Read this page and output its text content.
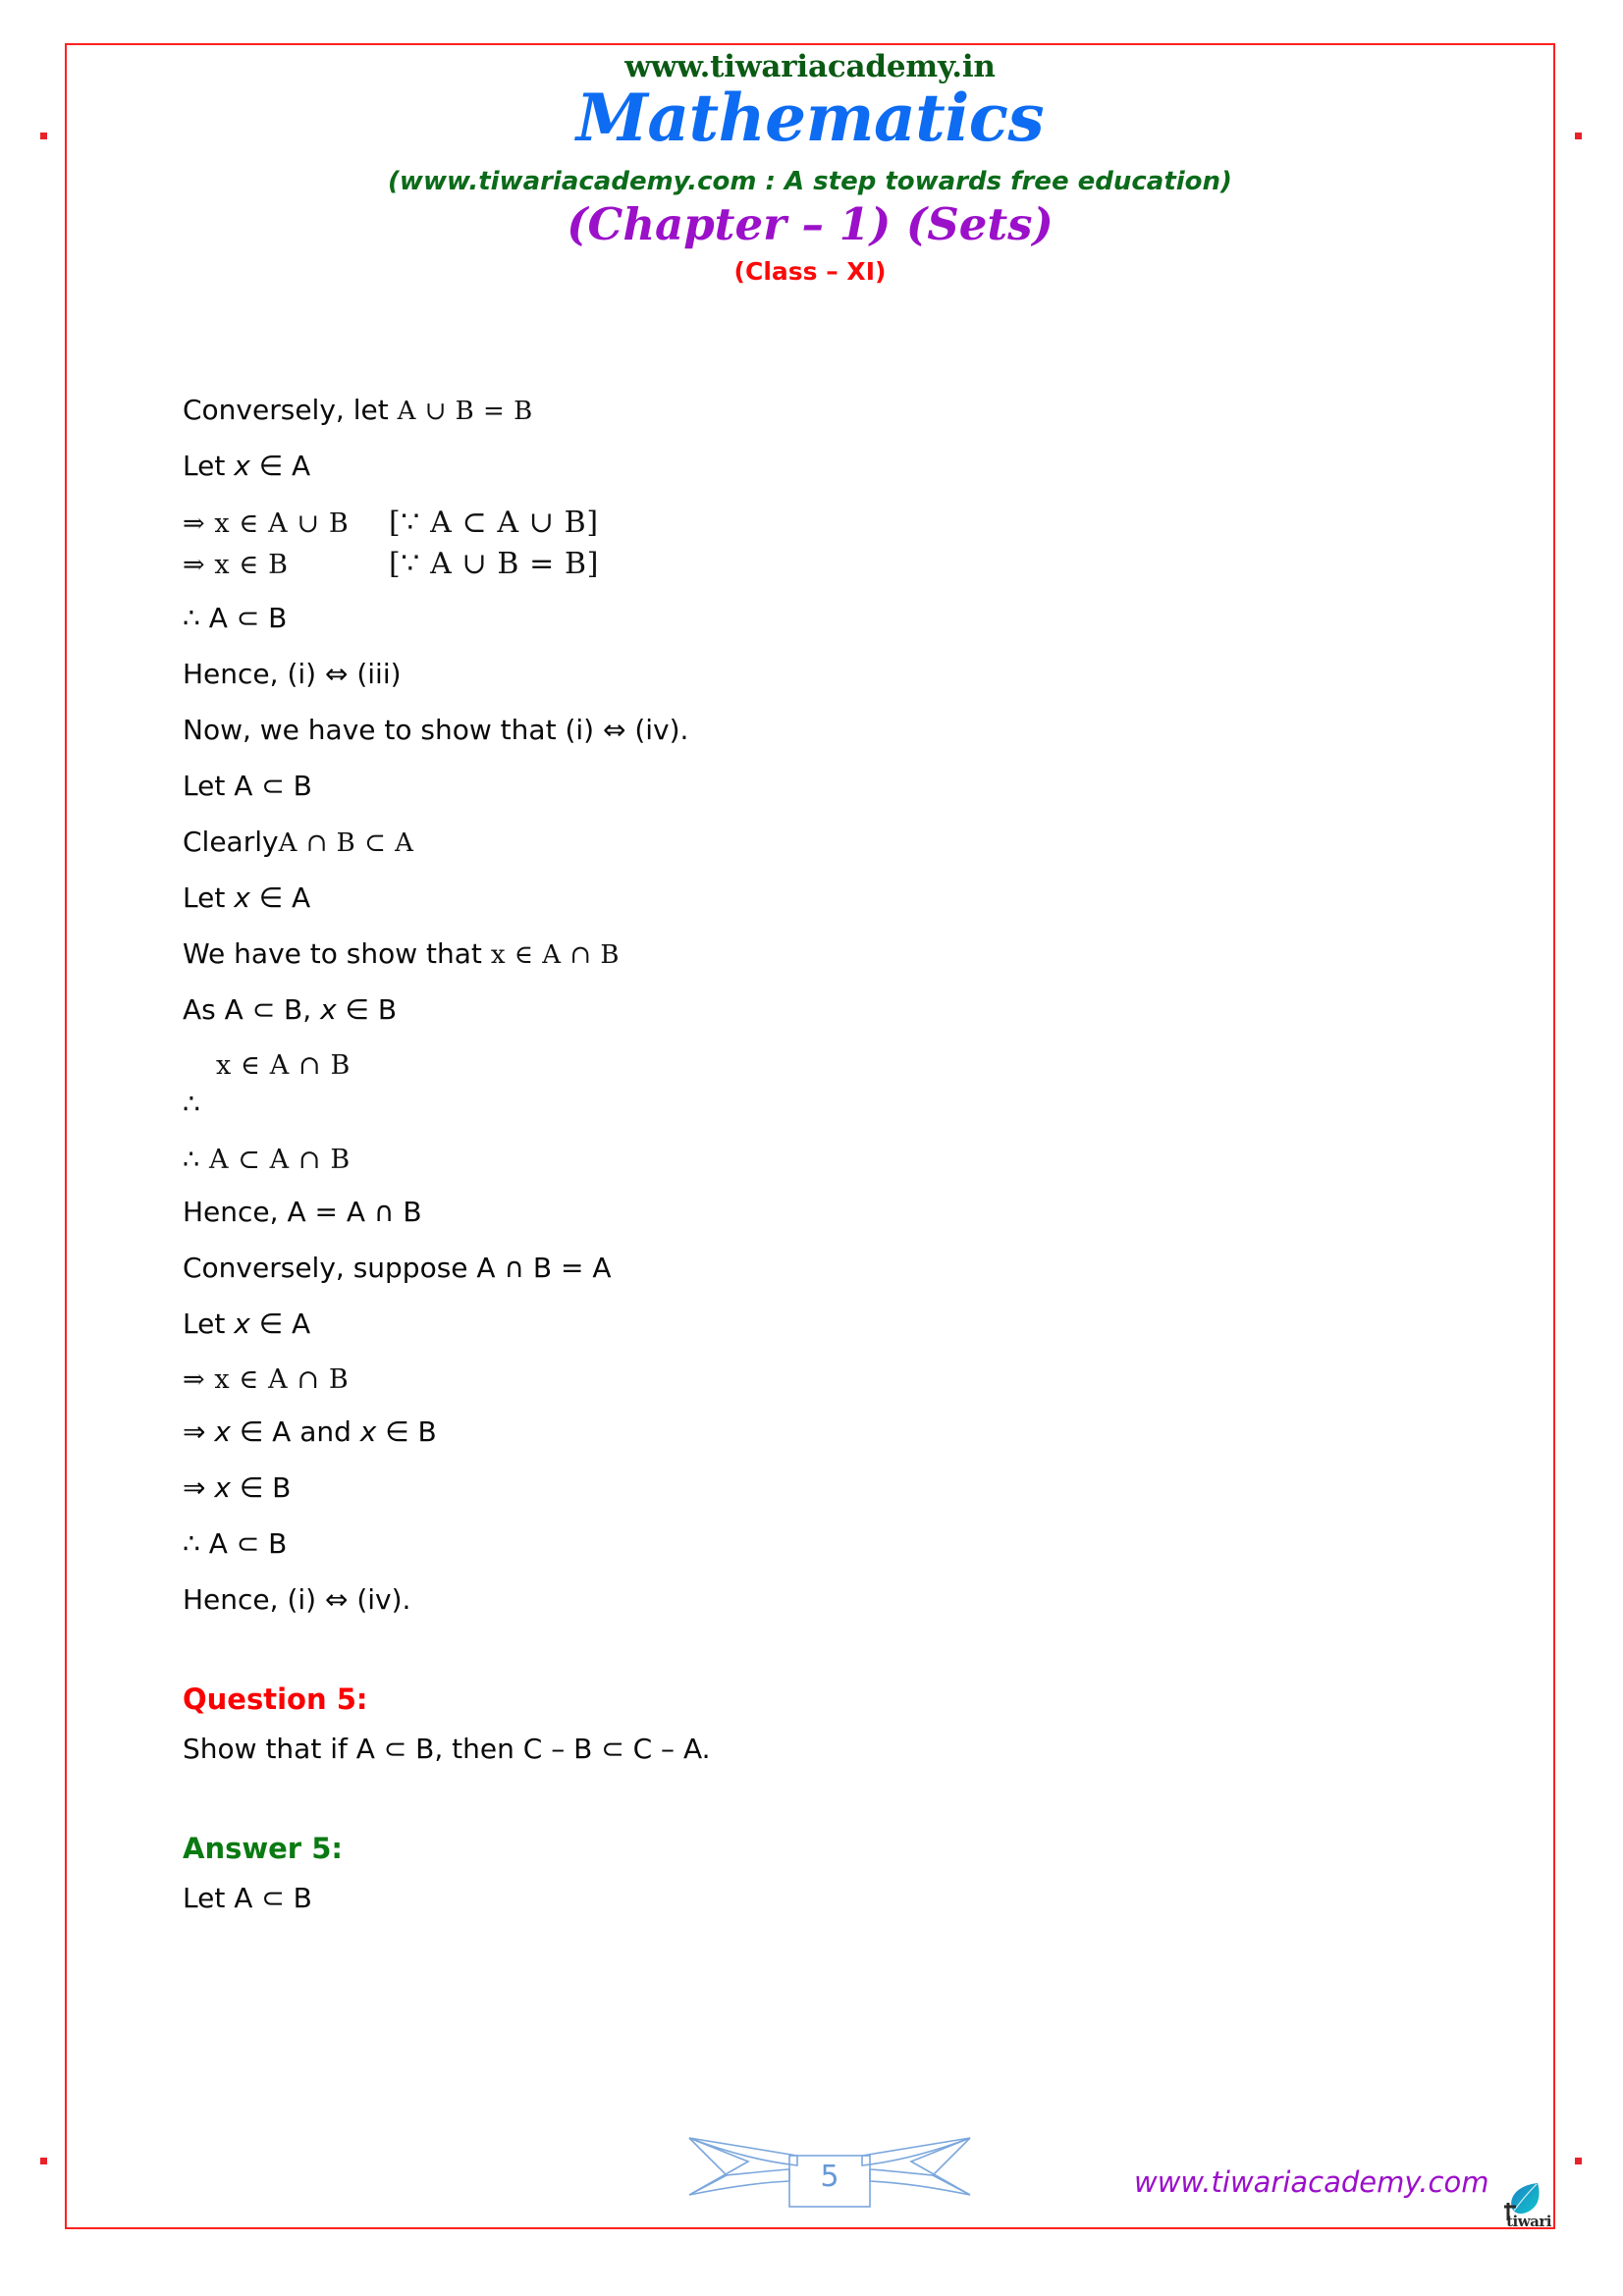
www.tiwariacademy.in
Mathematics
(www.tiwariacademy.com : A step towards free education)
(Chapter – 1) (Sets)
(Class – XI)

Conversely, let A ∪ B = B

Let x ∈ A

⇒ x ∈ A ∪ B	[∵ A ⊂ A ∪ B]
⇒ x ∈ B	[∵ A ∪ B = B]

∴ A ⊂ B

Hence, (i) ⇔ (iii)

Now, we have to show that (i) ⇔ (iv).

Let A ⊂ B

ClearlyA ∩ B ⊂ A

Let x ∈ A

We have to show that x ∈ A ∩ B

As A ⊂ B, x ∈ B

x ∈ A ∩ B

∴

∴ A ⊂ A ∩ B

Hence, A = A ∩ B

Conversely, suppose A ∩ B = A

Let x ∈ A

⇒ x ∈ A ∩ B

⇒ x ∈ A and x ∈ B

⇒ x ∈ B

∴ A ⊂ B

Hence, (i) ⇔ (iv).

Question 5:

Show that if A ⊂ B, then C – B ⊂ C – A.

Answer 5:

Let A ⊂ B

5	www.tiwariacademy.com
tiwari
